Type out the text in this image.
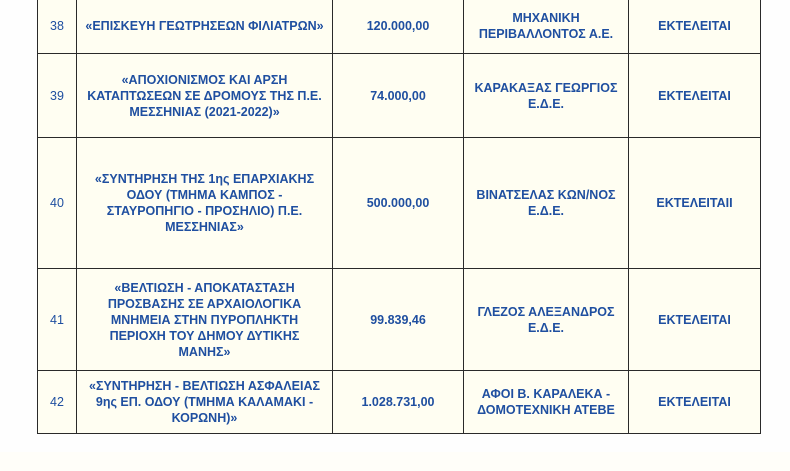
38	«ΕΠΙΣΚΕΥΗ ΓΕΩΤΡΗΣΕΩΝ ΦΙΛΙΑΤΡΩΝ»	120.000,00	ΜΗΧΑΝΙΚΗ ΠΕΡΙΒΑΛΛΟΝΤΟΣ Α.Ε.	ΕΚΤΕΛΕΙΤΑΙ
39	«ΑΠΟΧΙΟΝΙΣΜΟΣ ΚΑΙ ΑΡΣΗ ΚΑΤΑΠΤΩΣΕΩΝ ΣΕ ΔΡΟΜΟΥΣ ΤΗΣ Π.Ε. ΜΕΣΣΗΝΙΑΣ (2021-2022)»	74.000,00	ΚΑΡΑΚΑΞΑΣ ΓΕΩΡΓΙΟΣ Ε.Δ.Ε.	ΕΚΤΕΛΕΙΤΑΙ
40	«ΣΥΝΤΗΡΗΣΗ ΤΗΣ 1ης ΕΠΑΡΧΙΑΚΗΣ ΟΔΟΥ (ΤΜΗΜΑ ΚΑΜΠΟΣ - ΣΤΑΥΡΟΠΗΓΙΟ - ΠΡΟΣΗΛΙΟ) Π.Ε. ΜΕΣΣΗΝΙΑΣ»	500.000,00	ΒΙΝΑΤΣΕΛΑΣ ΚΩΝ/ΝΟΣ Ε.Δ.Ε.	ΕΚΤΕΛΕΙΤΑΙΙ
41	«ΒΕΛΤΙΩΣΗ - ΑΠΟΚΑΤΑΣΤΑΣΗ ΠΡΟΣΒΑΣΗΣ ΣΕ ΑΡΧΑΙΟΛΟΓΙΚΑ ΜΝΗΜΕΙΑ ΣΤΗΝ ΠΥΡΟΠΛΗΚΤΗ ΠΕΡΙΟΧΗ ΤΟΥ ΔΗΜΟΥ ΔΥΤΙΚΗΣ ΜΑΝΗΣ»	99.839,46	ΓΛΕΖΟΣ ΑΛΕΞΑΝΔΡΟΣ Ε.Δ.Ε.	ΕΚΤΕΛΕΙΤΑΙ
42	«ΣΥΝΤΗΡΗΣΗ - ΒΕΛΤΙΩΣΗ ΑΣΦΑΛΕΙΑΣ 9ης ΕΠ. ΟΔΟΥ (ΤΜΗΜΑ ΚΑΛΑΜΑΚΙ - ΚΟΡΩΝΗ)»	1.028.731,00	ΑΦΟΙ Β. ΚΑΡΑΛΕΚΑ - ΔΟΜΟΤΕΧΝΙΚΗ ΑΤΕΒΕ	ΕΚΤΕΛΕΙΤΑΙ
